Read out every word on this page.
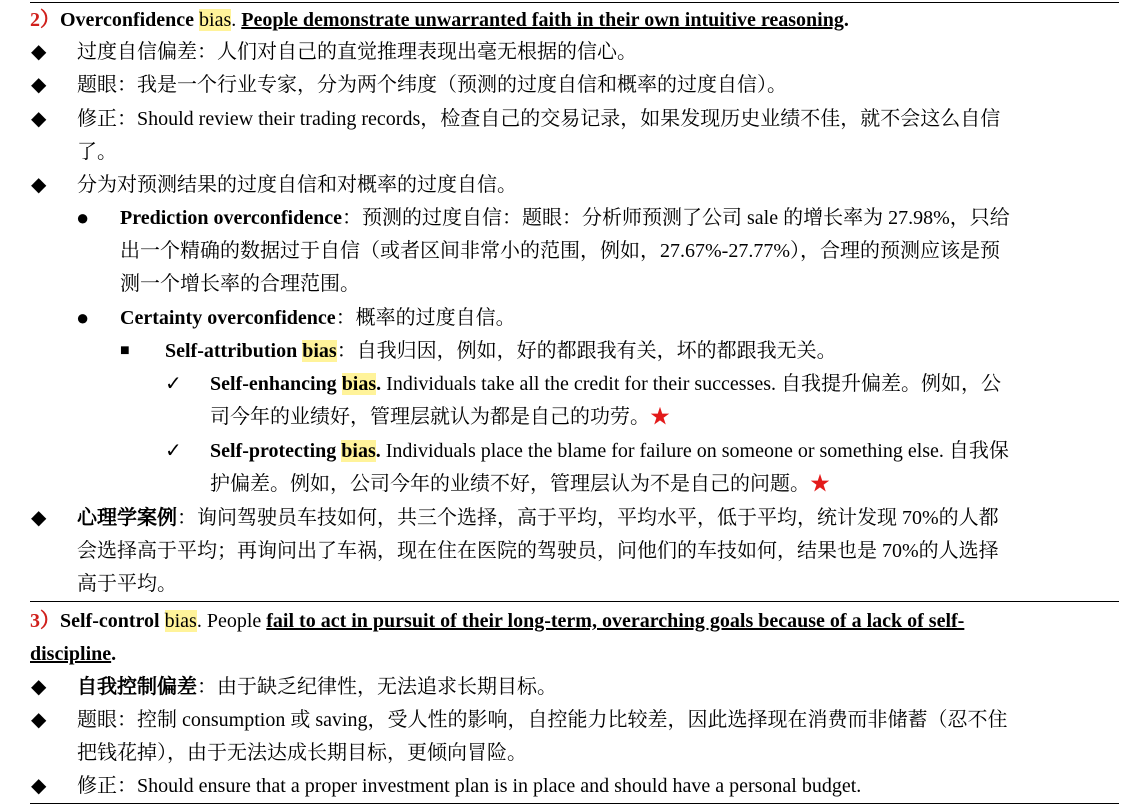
2）Overconfidence bias. People demonstrate unwarranted faith in their own intuitive reasoning.
◆ 过度自信偏差：人们对自己的直觉推理表现出毫无根据的信心。
◆ 题眼：我是一个行业专家，分为两个纬度（预测的过度自信和概率的过度自信）。
◆ 修正：Should review their trading records，检查自己的交易记录，如果发现历史业绩不佳，就不会这么自信
了。
◆ 分为对预测结果的过度自信和对概率的过度自信。
● Prediction overconfidence：预测的过度自信：题眼：分析师预测了公司 sale 的增长率为 27.98%，只给
出一个精确的数据过于自信（或者区间非常小的范围，例如，27.67%-27.77%），合理的预测应该是预
测一个增长率的合理范围。
● Certainty overconfidence：概率的过度自信。
■ Self-attribution bias：自我归因，例如，好的都跟我有关，坏的都跟我无关。
✓ Self-enhancing bias. Individuals take all the credit for their successes. 自我提升偏差。例如，公
司今年的业绩好，管理层就认为都是自己的功劳。★
✓ Self-protecting bias. Individuals place the blame for failure on someone or something else. 自我保
护偏差。例如，公司今年的业绩不好，管理层认为不是自己的问题。★
◆ 心理学案例：询问驾驶员车技如何，共三个选择，高于平均，平均水平，低于平均，统计发现 70%的人都
会选择高于平均；再询问出了车祸，现在住在医院的驾驶员，问他们的车技如何，结果也是 70%的人选择
高于平均。
3）Self-control bias. People fail to act in pursuit of their long-term, overarching goals because of a lack of self-
discipline.
◆ 自我控制偏差：由于缺乏纪律性，无法追求长期目标。
◆ 题眼：控制 consumption 或 saving，受人性的影响，自控能力比较差，因此选择现在消费而非储蓄（忍不住
把钱花掉），由于无法达成长期目标，更倾向冒险。
◆ 修正：Should ensure that a proper investment plan is in place and should have a personal budget.
